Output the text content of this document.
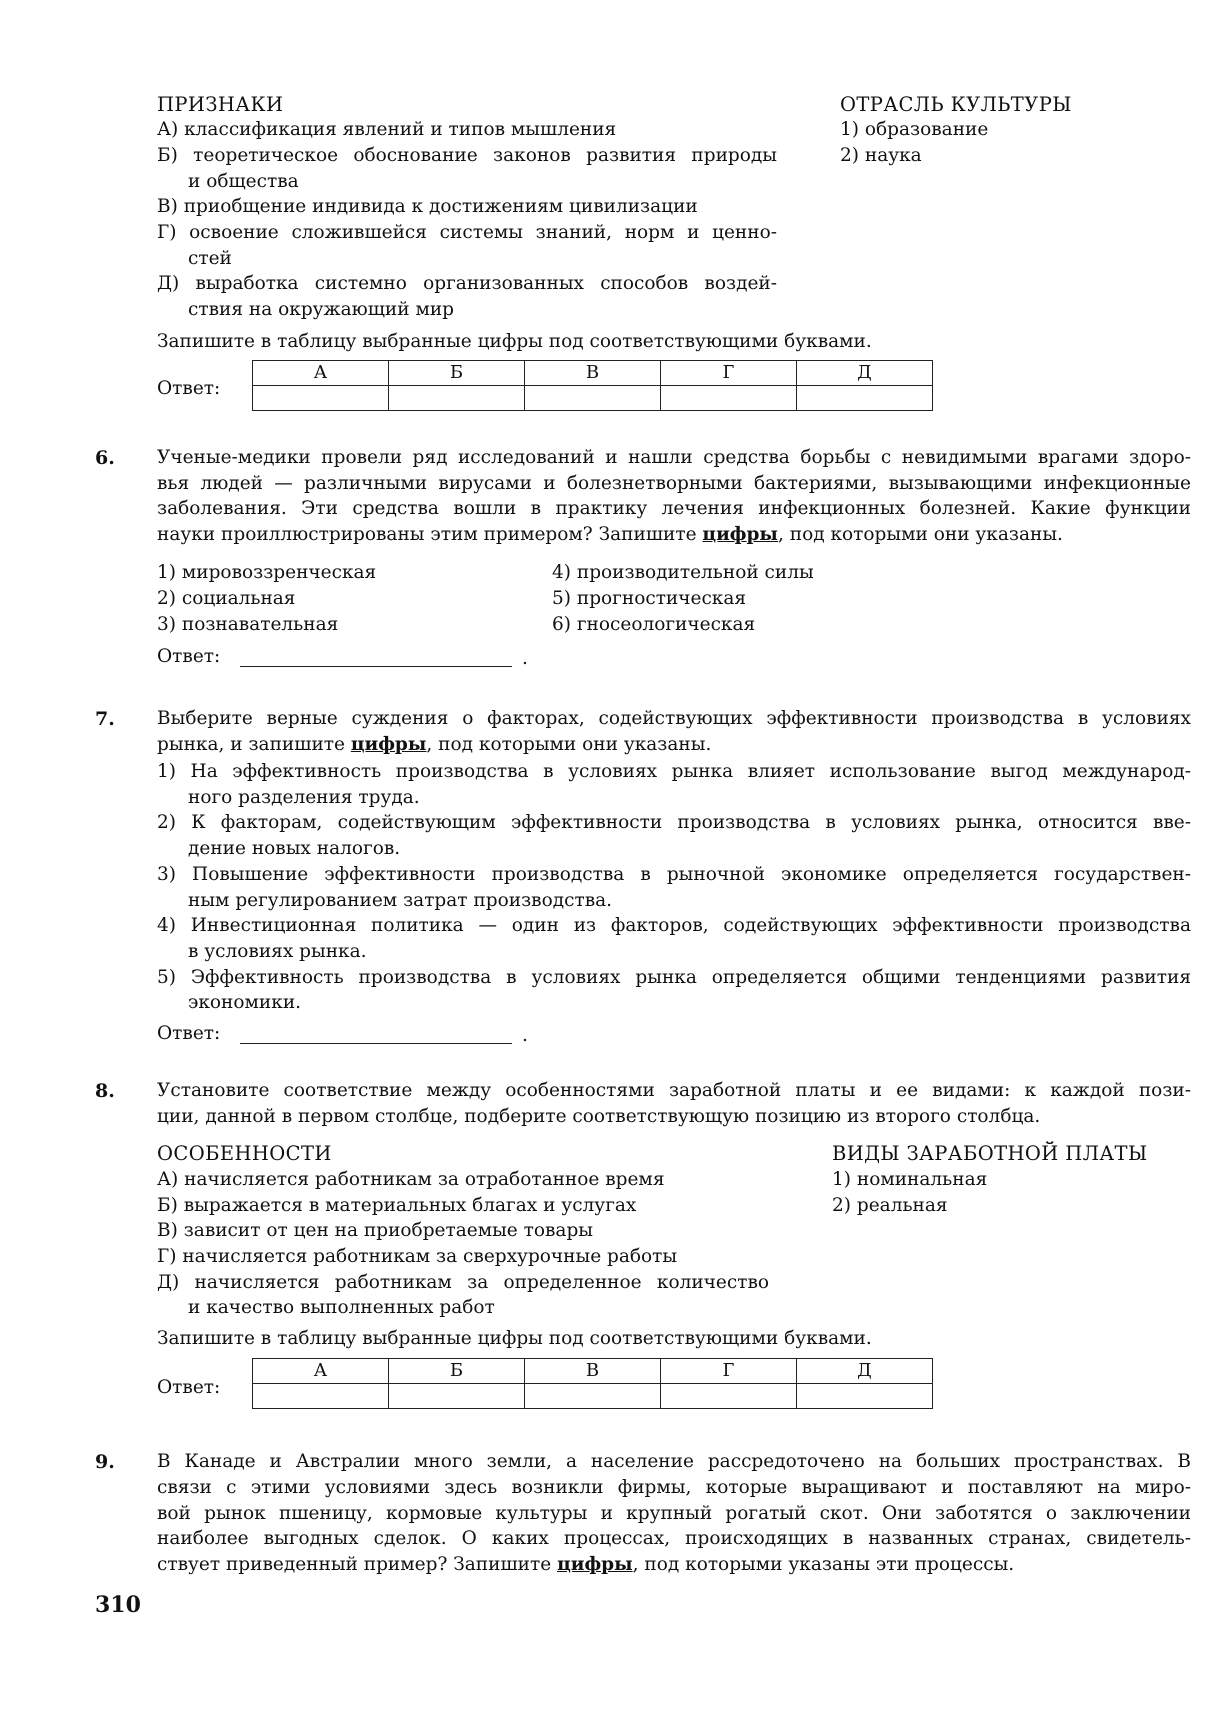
ПРИЗНАКИ	ОТРАСЛЬ КУЛЬТУРЫ
А) классификация явлений и типов мышления
Б) теоретическое обоснование законов развития природы
и общества
В) приобщение индивида к достижениям цивилизации
Г) освоение сложившейся системы знаний, норм и ценно-
стей
Д) выработка системно организованных способов воздей-
ствия на окружающий мир
1) образование
2) наука
Запишите в таблицу выбранные цифры под соответствующими буквами.
Ответ:
А	Б	В	Г	Д

6. Ученые-медики провели ряд исследований и нашли средства борьбы с невидимыми врагами здоро-
вья людей — различными вирусами и болезнетворными бактериями, вызывающими инфекционные
заболевания. Эти средства вошли в практику лечения инфекционных болезней. Какие функции
науки проиллюстрированы этим примером? Запишите цифры, под которыми они указаны.
1) мировоззренческая
2) социальная
3) познавательная
4) производительной силы
5) прогностическая
6) гносеологическая
Ответ:	.
7. Выберите верные суждения о факторах, содействующих эффективности производства в условиях
рынка, и запишите цифры, под которыми они указаны.
1) На эффективность производства в условиях рынка влияет использование выгод международ-
ного разделения труда.
2) К факторам, содействующим эффективности производства в условиях рынка, относится вве-
дение новых налогов.
3) Повышение эффективности производства в рыночной экономике определяется государствен-
ным регулированием затрат производства.
4) Инвестиционная политика — один из факторов, содействующих эффективности производства
в условиях рынка.
5) Эффективность производства в условиях рынка определяется общими тенденциями развития
экономики.
Ответ:	.
8. Установите соответствие между особенностями заработной платы и ее видами: к каждой пози-
ции, данной в первом столбце, подберите соответствующую позицию из второго столбца.
ОСОБЕННОСТИ	ВИДЫ ЗАРАБОТНОЙ ПЛАТЫ
А) начисляется работникам за отработанное время
Б) выражается в материальных благах и услугах
В) зависит от цен на приобретаемые товары
Г) начисляется работникам за сверхурочные работы
Д) начисляется работникам за определенное количество
и качество выполненных работ
1) номинальная
2) реальная
Запишите в таблицу выбранные цифры под соответствующими буквами.
Ответ:
А	Б	В	Г	Д

9. В Канаде и Австралии много земли, а население рассредоточено на больших пространствах. В
связи с этими условиями здесь возникли фирмы, которые выращивают и поставляют на миро-
вой рынок пшеницу, кормовые культуры и крупный рогатый скот. Они заботятся о заключении
наиболее выгодных сделок. О каких процессах, происходящих в названных странах, свидетель-
ствует приведенный пример? Запишите цифры, под которыми указаны эти процессы.
310
